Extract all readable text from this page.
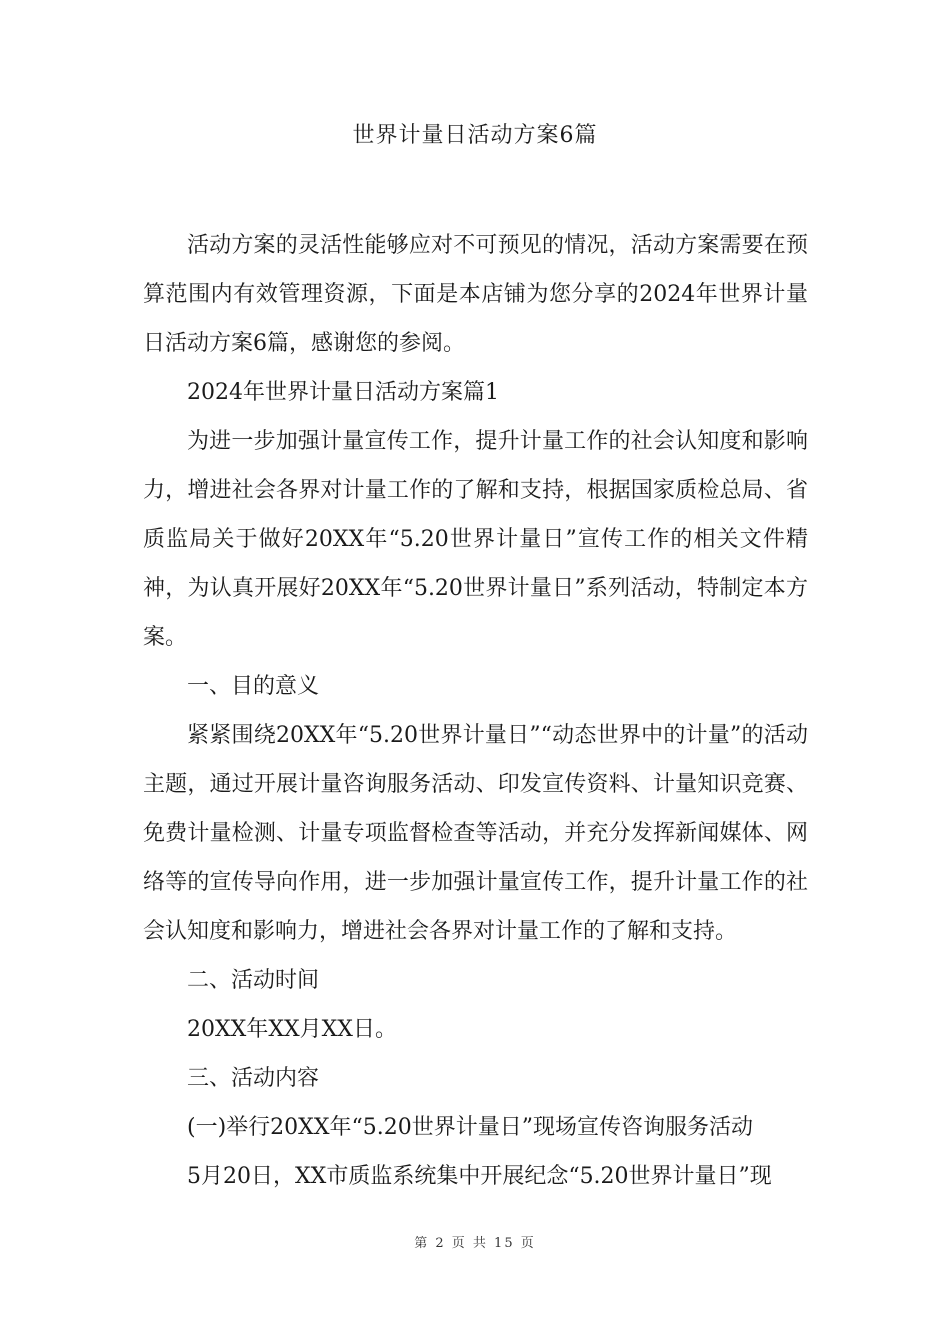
世界计量日活动方案6篇

活动方案的灵活性能够应对不可预见的情况，活动方案需要在预算范围内有效管理资源，下面是本店铺为您分享的2024年世界计量日活动方案6篇，感谢您的参阅。

2024年世界计量日活动方案篇1

为进一步加强计量宣传工作，提升计量工作的社会认知度和影响力，增进社会各界对计量工作的了解和支持，根据国家质检总局、省质监局关于做好20XX年“5.20世界计量日”宣传工作的相关文件精神，为认真开展好20XX年“5.20世界计量日”系列活动，特制定本方案。

一、目的意义

紧紧围绕20XX年“5.20世界计量日”“动态世界中的计量”的活动主题，通过开展计量咨询服务活动、印发宣传资料、计量知识竞赛、免费计量检测、计量专项监督检查等活动，并充分发挥新闻媒体、网络等的宣传导向作用，进一步加强计量宣传工作，提升计量工作的社会认知度和影响力，增进社会各界对计量工作的了解和支持。

二、活动时间

20XX年XX月XX日。

三、活动内容

(一)举行20XX年“5.20世界计量日”现场宣传咨询服务活动

5月20日，XX市质监系统集中开展纪念“5.20世界计量日”现

第 2 页 共 15 页
